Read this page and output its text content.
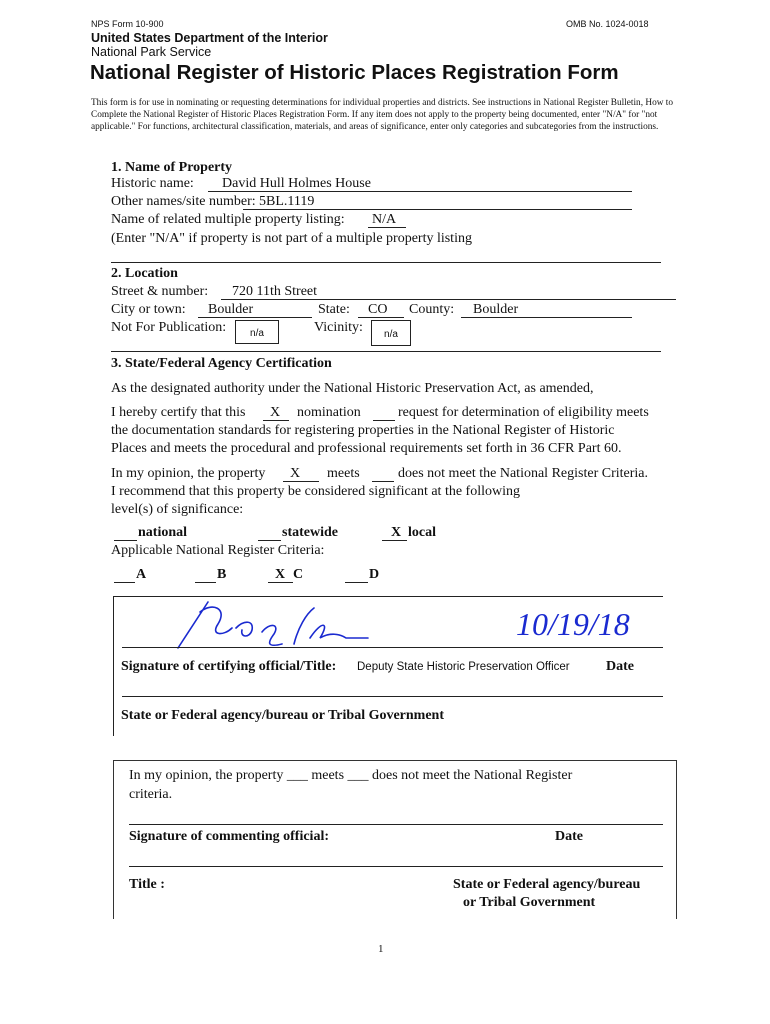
NPS Form 10-900	OMB No. 1024-0018
United States Department of the Interior
National Park Service
National Register of Historic Places Registration Form
This form is for use in nominating or requesting determinations for individual properties and districts. See instructions in National Register Bulletin, How to Complete the National Register of Historic Places Registration Form. If any item does not apply to the property being documented, enter "N/A" for "not applicable." For functions, architectural classification, materials, and areas of significance, enter only categories and subcategories from the instructions.
1. Name of Property
Historic name: David Hull Holmes House
Other names/site number: 5BL.1119
Name of related multiple property listing: N/A
(Enter "N/A" if property is not part of a multiple property listing
2. Location
Street & number: 720 11th Street
City or town: Boulder	State: CO County: Boulder
Not For Publication:	n/a	Vicinity:	n/a
3. State/Federal Agency Certification
As the designated authority under the National Historic Preservation Act, as amended,
I hereby certify that this X nomination	request for determination of eligibility meets
the documentation standards for registering properties in the National Register of Historic
Places and meets the procedural and professional requirements set forth in 36 CFR Part 60.
In my opinion, the property X meets	does not meet the National Register Criteria.
I recommend that this property be considered significant at the following
level(s) of significance:
national	statewide	X local
Applicable National Register Criteria:
A	B	X C	D
10/19/18
Signature of certifying official/Title: Deputy State Historic Preservation Officer	Date
State or Federal agency/bureau or Tribal Government
In my opinion, the property ___ meets ___ does not meet the National Register
criteria.
Signature of commenting official:	Date
Title :	State or Federal agency/bureau
or Tribal Government
1
